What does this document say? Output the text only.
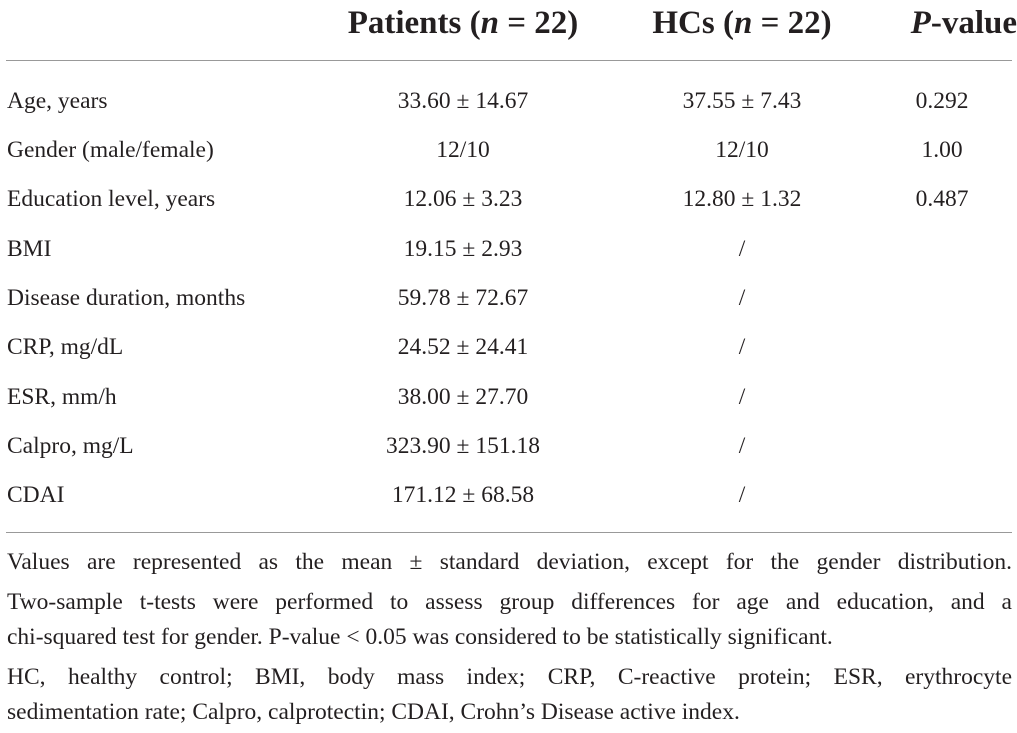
Patients (n = 22)	HCs (n = 22)	P-value
Age, years	33.60 ± 14.67	37.55 ± 7.43	0.292
Gender (male/female)	12/10	12/10	1.00
Education level, years	12.06 ± 3.23	12.80 ± 1.32	0.487
BMI	19.15 ± 2.93	/
Disease duration, months	59.78 ± 72.67	/
CRP, mg/dL	24.52 ± 24.41	/
ESR, mm/h	38.00 ± 27.70	/
Calpro, mg/L	323.90 ± 151.18	/
CDAI	171.12 ± 68.58	/
Values are represented as the mean ± standard deviation, except for the gender distribution.
Two-sample t-tests were performed to assess group differences for age and education, and a
chi-squared test for gender. P-value < 0.05 was considered to be statistically significant.
HC, healthy control; BMI, body mass index; CRP, C-reactive protein; ESR, erythrocyte
sedimentation rate; Calpro, calprotectin; CDAI, Crohn’s Disease active index.
